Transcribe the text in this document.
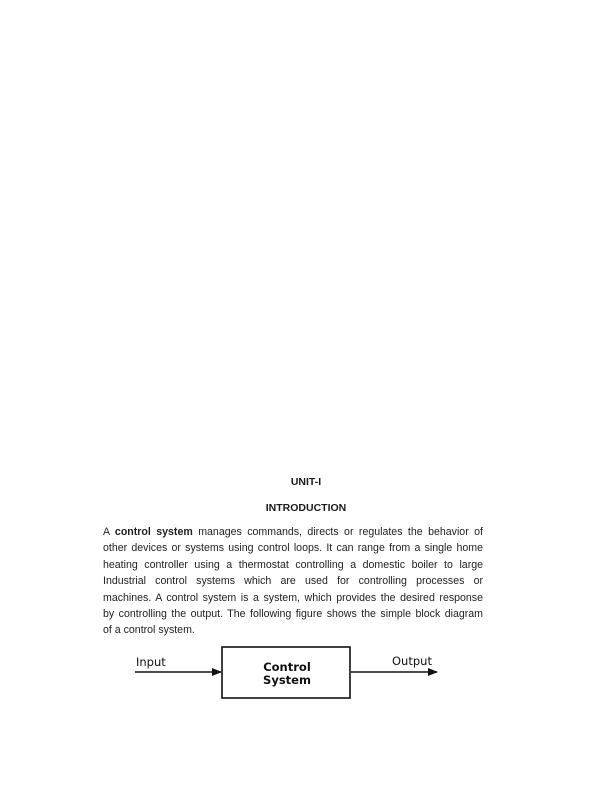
UNIT-I
INTRODUCTION
A control system manages commands, directs or regulates the behavior of
other devices or systems using control loops. It can range from a single home
heating controller using a thermostat controlling a domestic boiler to large
Industrial control systems which are used for controlling processes or
machines. A control system is a system, which provides the desired response
by controlling the output. The following figure shows the simple block diagram
of a control system.
Input	Control
System
Output
